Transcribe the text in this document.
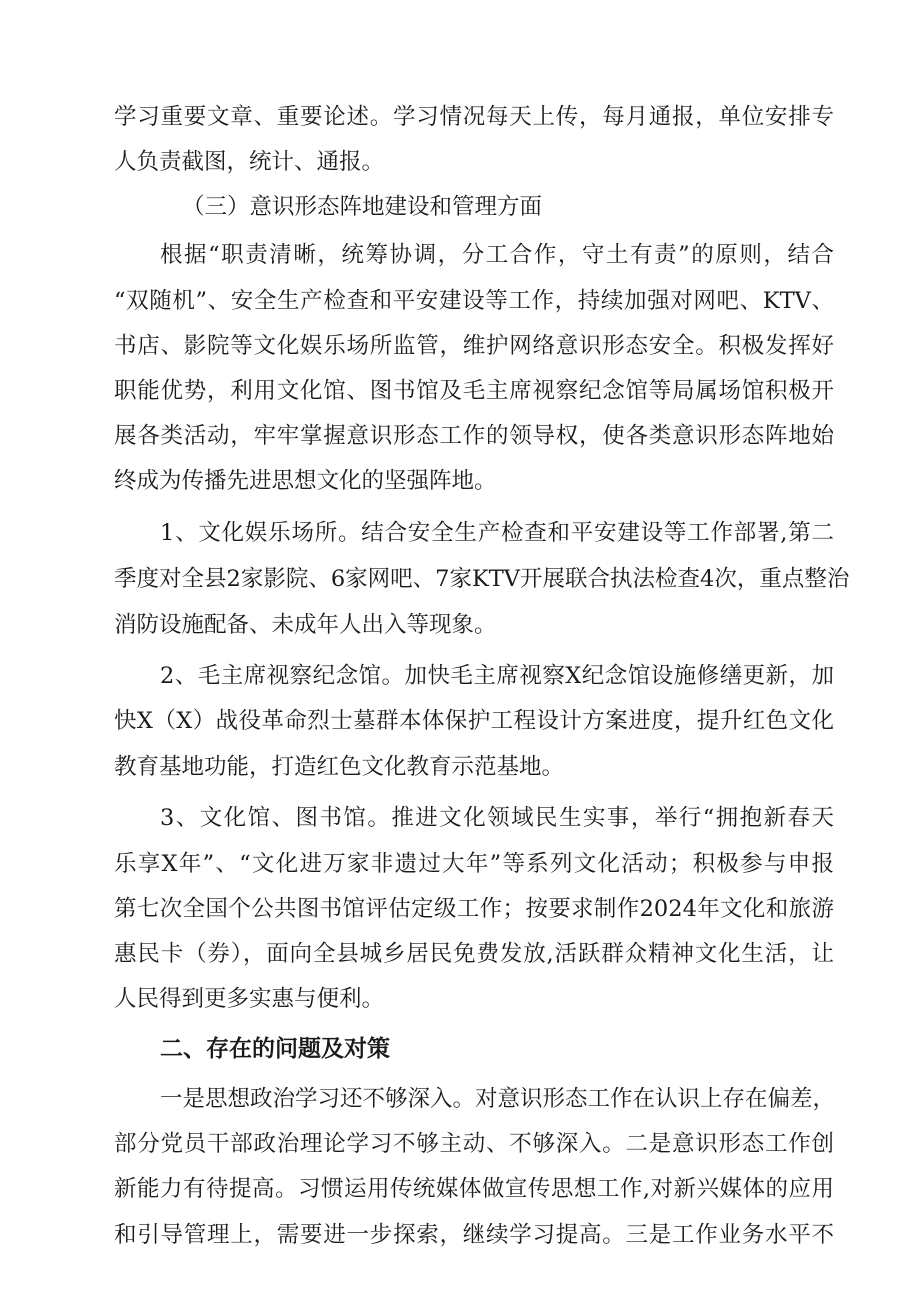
学习重要文章、重要论述。学习情况每天上传，每月通报，单位安排专
人负责截图，统计、通报。
（三）意识形态阵地建设和管理方面
根据“职责清晰，统筹协调，分工合作，守土有责”的原则，结合
“双随机”、安全生产检查和平安建设等工作，持续加强对网吧、KTV、
书店、影院等文化娱乐场所监管，维护网络意识形态安全。积极发挥好
职能优势，利用文化馆、图书馆及毛主席视察纪念馆等局属场馆积极开
展各类活动，牢牢掌握意识形态工作的领导权，使各类意识形态阵地始
终成为传播先进思想文化的坚强阵地。
1、文化娱乐场所。结合安全生产检查和平安建设等工作部署,第二
季度对全县2家影院、6家网吧、7家KTV开展联合执法检查4次，重点整治
消防设施配备、未成年人出入等现象。
2、毛主席视察纪念馆。加快毛主席视察X纪念馆设施修缮更新，加
快X（X）战役革命烈士墓群本体保护工程设计方案进度，提升红色文化
教育基地功能，打造红色文化教育示范基地。
3、文化馆、图书馆。推进文化领域民生实事，举行“拥抱新春天
乐享X年”、“文化进万家非遗过大年”等系列文化活动；积极参与申报
第七次全国个公共图书馆评估定级工作；按要求制作2024年文化和旅游
惠民卡（券），面向全县城乡居民免费发放,活跃群众精神文化生活，让
人民得到更多实惠与便利。
二、存在的问题及对策
一是思想政治学习还不够深入。对意识形态工作在认识上存在偏差，
部分党员干部政治理论学习不够主动、不够深入。二是意识形态工作创
新能力有待提高。习惯运用传统媒体做宣传思想工作,对新兴媒体的应用
和引导管理上，需要进一步探索，继续学习提高。三是工作业务水平不
